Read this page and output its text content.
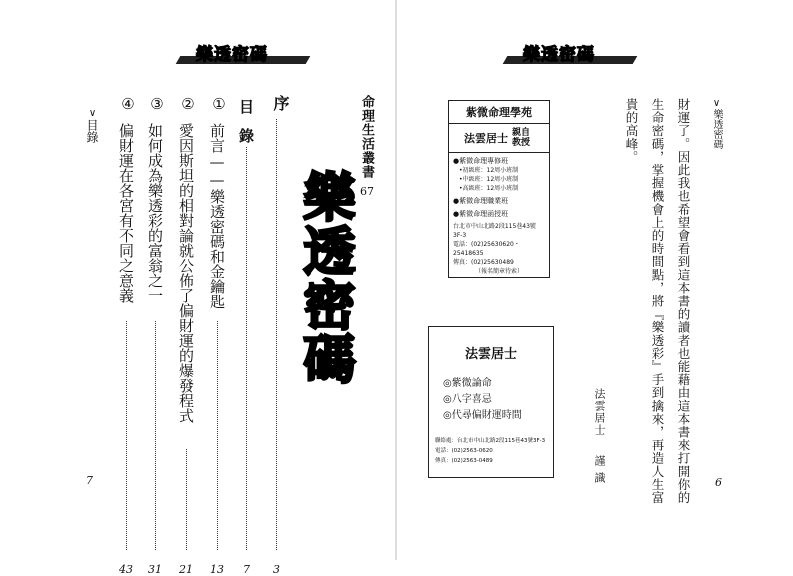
樂透密碼
∨目錄
序
3
目錄
7
①
前言——樂透密碼和金鑰匙
13
②
愛因斯坦的相對論就公佈了偏財運的爆發程式
21
③
如何成為樂透彩的富翁之一
31
④
偏財運在各宮有不同之意義
43
命理生活叢書
67
樂透密碼
7
樂透密碼
紫微命理學苑
法雲居士 親自教授
●紫微命理專修班
•初級班：12周小班制
•中級班：12周小班制
•高級班：12周小班制
●紫微命理職業班
●紫微命理函授班
台北市中山北路2段115巷43號3F-3
電話：(02)25630620・25418635
傳真：(02)25630489
（報名簡章待索）
法雲居士
◎紫微論命
◎八字喜忌
◎代尋偏財運時間
聯絡處：台北市中山北路2段115巷43號3F-3
電話：(02)2563-0620
傳真：(02)2563-0489	財運了。因此我也希望會看到這本書的讀者也能藉由這本書來打開你的
生命密碼，掌握機會上的時間點，將『樂透彩』手到擒來，再造人生富
貴的高峰。
法雲居士
謹識
∨樂透密碼
6
